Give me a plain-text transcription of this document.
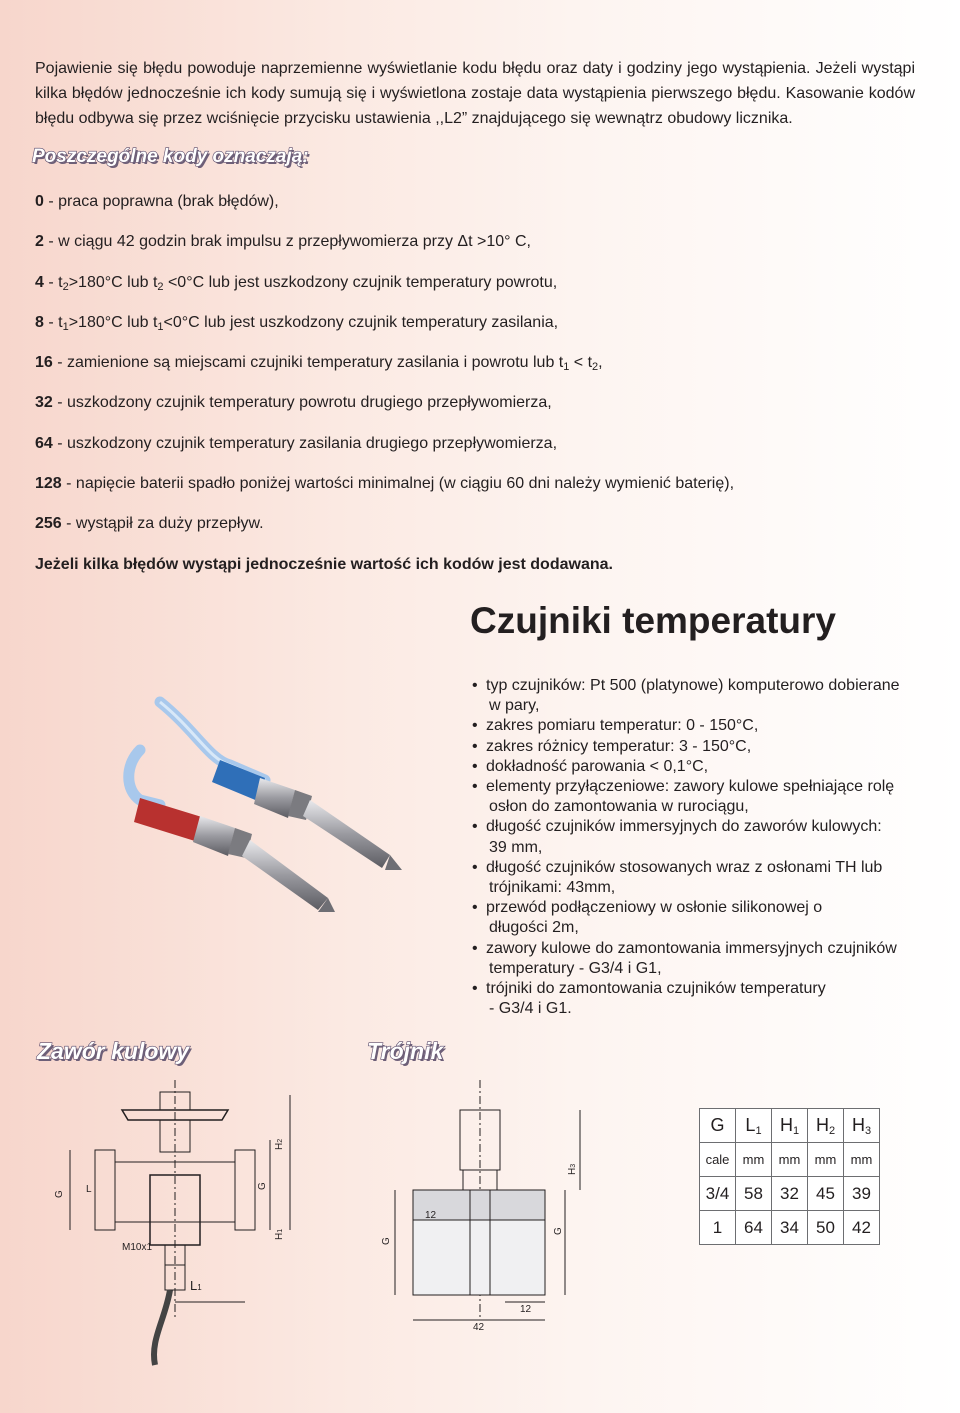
Pojawienie się błędu powoduje naprzemienne wyświetlanie kodu błędu oraz daty i godziny jego wystąpienia. Jeżeli wystąpi kilka błędów jednocześnie ich kody sumują się i wyświetlona zostaje data wystąpienia pierwszego błędu. Kasowanie kodów błędu odbywa się przez wciśnięcie przycisku ustawienia ,,L2” znajdującego się wewnątrz obudowy licznika.
Poszczególne kody oznaczają:
0 - praca poprawna (brak błędów),
2 - w ciągu 42 godzin brak impulsu z przepływomierza przy Δt >10° C,
$4 - t_2>180^\circ C$ lub $t_2 <0^\circ C$ lub jest uszkodzony czujnik temperatury powrotu,
$8 - t_1>180^\circ C$ lub $t_1<0^\circ C$ lub jest uszkodzony czujnik temperatury zasilania,
16 - zamienione są miejscami czujniki temperatury zasilania i powrotu lub $t_1 < t_2$,
32 - uszkodzony czujnik temperatury powrotu drugiego przepływomierza,
64 - uszkodzony czujnik temperatury zasilania drugiego przepływomierza,
128 - napięcie baterii spadło poniżej wartości minimalnej (w ciągiu 60 dni należy wymienić baterię),
256 - wystąpił za duży przepływ.
Jeżeli kilka błędów wystąpi jednocześnie wartość ich kodów jest dodawana.
Czujniki temperatury
• typ czujników: Pt 500 (platynowe) komputerowo dobierane
w pary,
• zakres pomiaru temperatur: 0 - 150°C,
• zakres różnicy temperatur: 3 - 150°C,
• dokładność parowania < 0,1°C,
• elementy przyłączeniowe: zawory kulowe spełniające rolę
osłon do zamontowania w rurociągu,
• długość czujników immersyjnych do zaworów kulowych:
39 mm,
• długość czujników stosowanych wraz z osłonami TH lub
trójnikami: 43mm,
• przewód podłączeniowy w osłonie silikonowej o
długości 2m,
• zawory kulowe do zamontowania immersyjnych czujników
temperatury - G3/4 i G1,
• trójniki do zamontowania czujników temperatury
- G3/4 i G1.
Zawór kulowy	Trójnik
G L	G
H1
H2
M10x1
L1
G
G
H3
12
12
42
G	$L_1$	$H_1$	$H_2$	$H_3$
cale	mm	mm	mm	mm
3/4	58	32	45	39
1	64	34	50	42
